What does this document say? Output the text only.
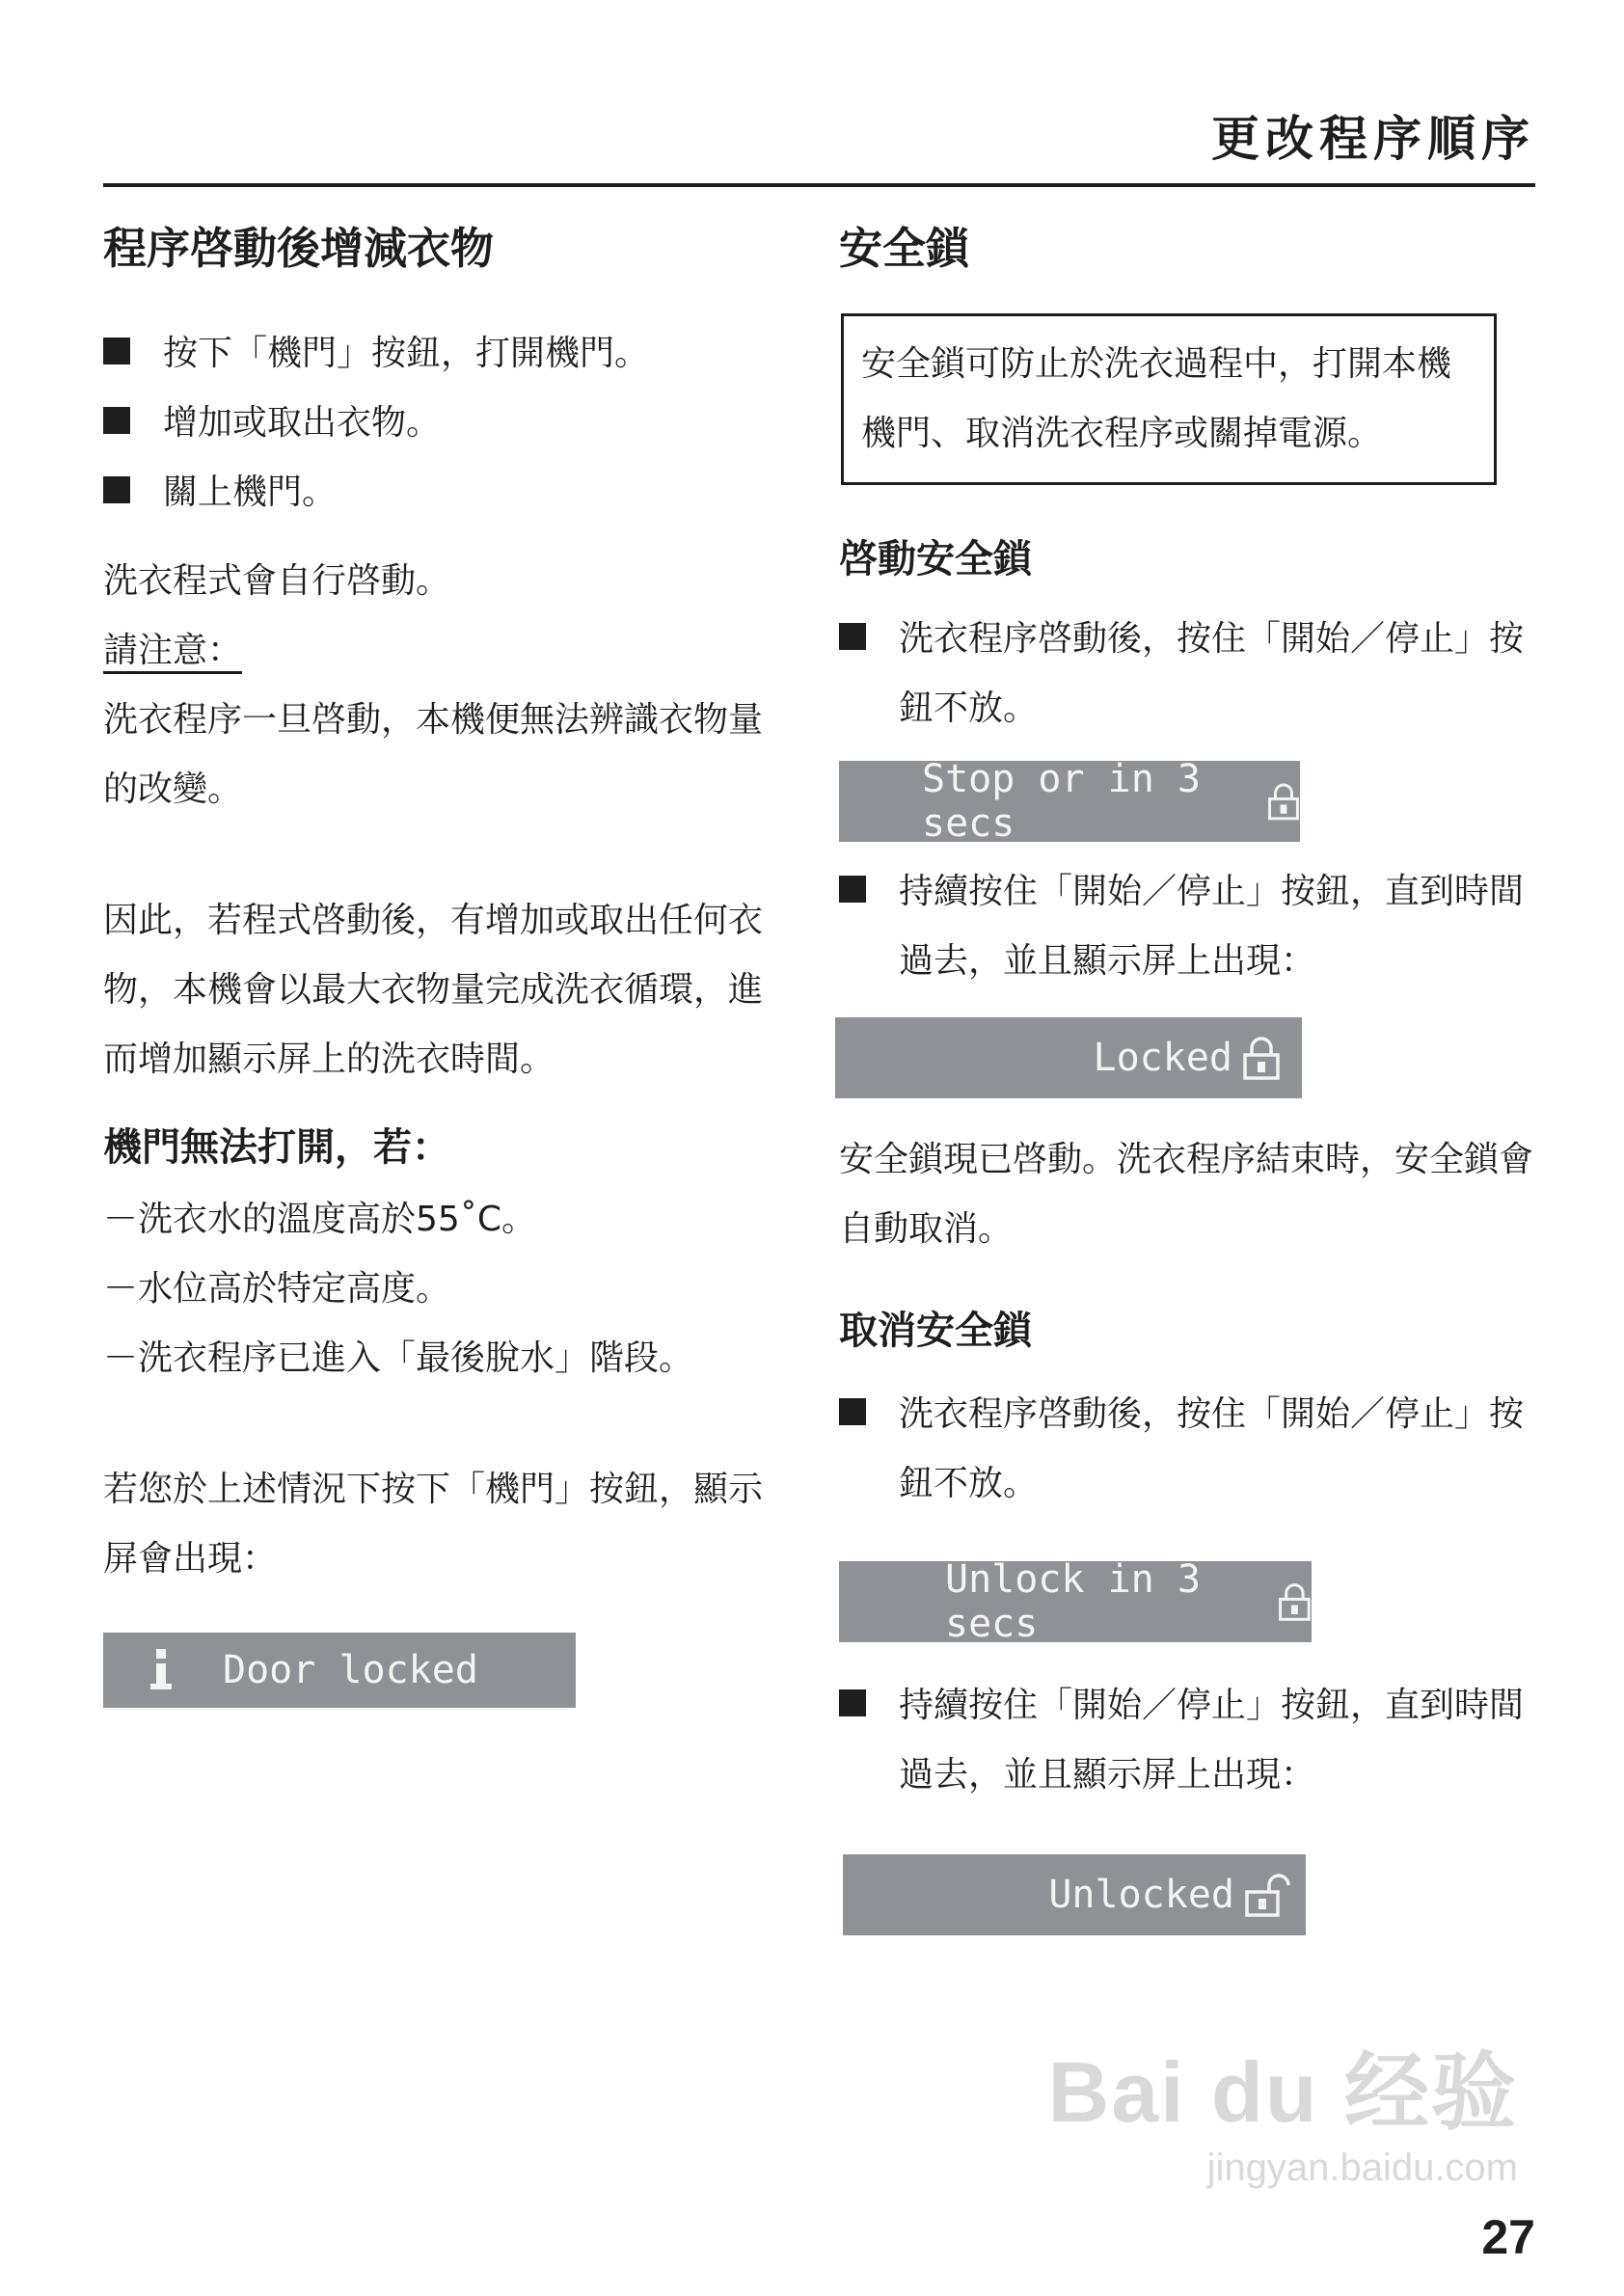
更改程序順序
程序啓動後增減衣物
按下「機門」按鈕，打開機門。
增加或取出衣物。
關上機門。

洗衣程式會自行啓動。

請注意：

洗衣程序一旦啓動，本機便無法辨識衣物量的改變。

因此，若程式啓動後，有增加或取出任何衣物，本機會以最大衣物量完成洗衣循環，進而增加顯示屏上的洗衣時間。

機門無法打開，若：
－ 洗衣水的溫度高於55˚C。
－ 水位高於特定高度。
－ 洗衣程序已進入「最後脫水」階段。

若您於上述情況下按下「機門」按鈕，顯示屏會出現：

Door locked
安全鎖

安全鎖可防止於洗衣過程中，打開本機機門、取消洗衣程序或關掉電源。

啓動安全鎖
洗衣程序啓動後，按住「開始／停止」按鈕不放。
Stop or in 3 secs
持續按住「開始／停止」按鈕，直到時間過去，並且顯示屏上出現：
Locked

安全鎖現已啓動。洗衣程序結束時，安全鎖會自動取消。

取消安全鎖
洗衣程序啓動後，按住「開始／停止」按鈕不放。
Unlock in 3 secs
持續按住「開始／停止」按鈕，直到時間過去，並且顯示屏上出現：
Unlocked
Bai du 经验
jingyan.baidu.com
27
